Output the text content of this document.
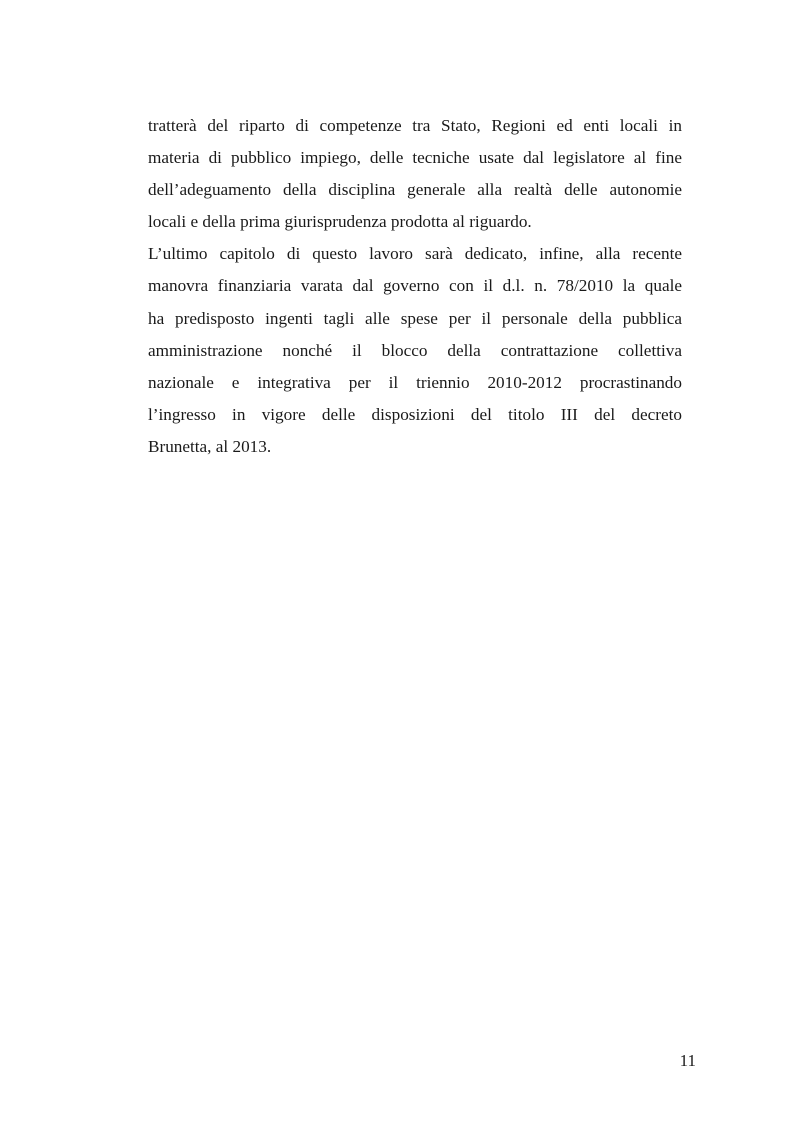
tratterà del riparto di competenze tra Stato, Regioni ed enti locali in
materia di pubblico impiego, delle tecniche usate dal legislatore al fine
dell’adeguamento della disciplina generale alla realtà delle autonomie
locali e della prima giurisprudenza prodotta al riguardo.
L’ultimo capitolo di questo lavoro sarà dedicato, infine, alla recente
manovra finanziaria varata dal governo con il d.l. n. 78/2010 la quale
ha predisposto ingenti tagli alle spese per il personale della pubblica
amministrazione nonché il blocco della contrattazione collettiva
nazionale e integrativa per il triennio 2010-2012 procrastinando
l’ingresso in vigore delle disposizioni del titolo III del decreto
Brunetta, al 2013.
11
